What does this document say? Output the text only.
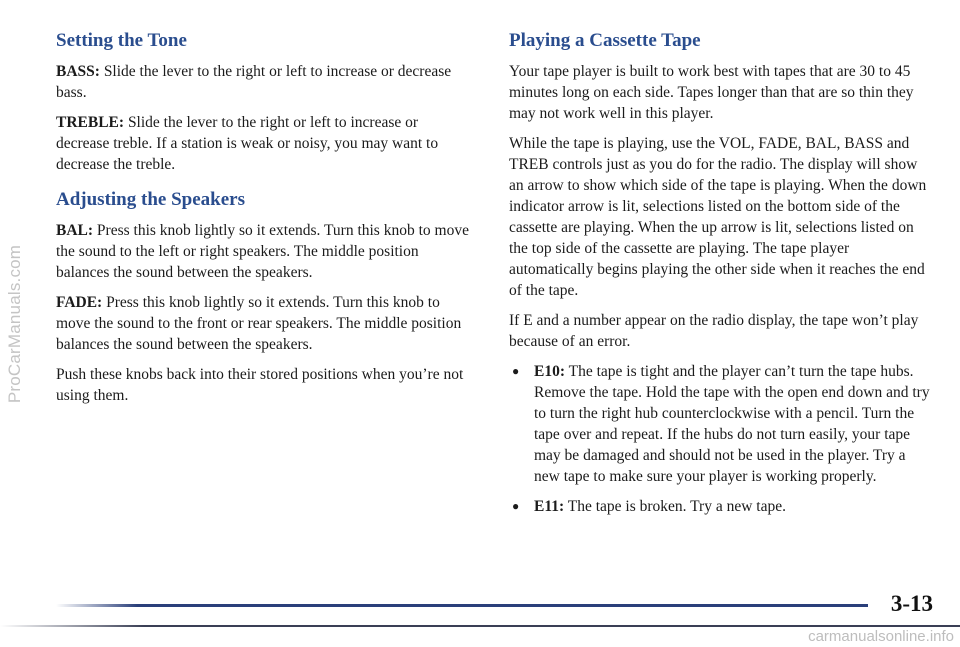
ProCarManuals.com
Setting the Tone

BASS: Slide the lever to the right or left to increase or decrease bass.

TREBLE: Slide the lever to the right or left to increase or decrease treble. If a station is weak or noisy, you may want to decrease the treble.

Adjusting the Speakers

BAL: Press this knob lightly so it extends. Turn this knob to move the sound to the left or right speakers. The middle position balances the sound between the speakers.

FADE: Press this knob lightly so it extends. Turn this knob to move the sound to the front or rear speakers. The middle position balances the sound between the speakers.

Push these knobs back into their stored positions when you’re not using them.

Playing a Cassette Tape

Your tape player is built to work best with tapes that are 30 to 45 minutes long on each side. Tapes longer than that are so thin they may not work well in this player.

While the tape is playing, use the VOL, FADE, BAL, BASS and TREB controls just as you do for the radio. The display will show an arrow to show which side of the tape is playing. When the down indicator arrow is lit, selections listed on the bottom side of the cassette are playing. When the up arrow is lit, selections listed on the top side of the cassette are playing. The tape player automatically begins playing the other side when it reaches the end of the tape.

If E and a number appear on the radio display, the tape won’t play because of an error.

● E10: The tape is tight and the player can’t turn the tape hubs. Remove the tape. Hold the tape with the open end down and try to turn the right hub counterclockwise with a pencil. Turn the tape over and repeat. If the hubs do not turn easily, your tape may be damaged and should not be used in the player. Try a new tape to make sure your player is working properly.
● E11: The tape is broken. Try a new tape.
3-13
carmanualsonline.info
